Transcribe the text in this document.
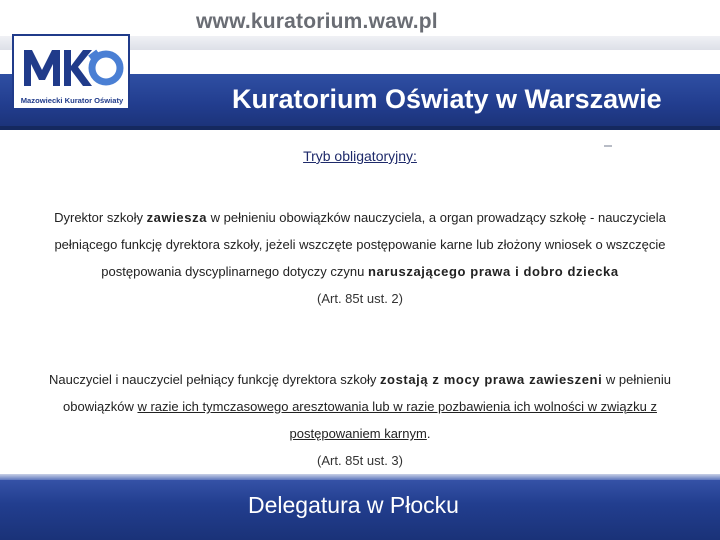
www.kuratorium.waw.pl
Kuratorium Oświaty w Warszawie
Mazowiecki Kurator Oświaty
Tryb obligatoryjny:
Dyrektor szkoły zawiesza w pełnieniu obowiązków nauczyciela, a organ prowadzący szkołę - nauczyciela pełniącego funkcję dyrektora szkoły, jeżeli wszczęte postępowanie karne lub złożony wniosek o wszczęcie postępowania dyscyplinarnego dotyczy czynu naruszającego prawa i dobro dziecka
(Art. 85t ust. 2)
Nauczyciel i nauczyciel pełniący funkcję dyrektora szkoły zostają z mocy prawa zawieszeni w pełnieniu obowiązków w razie ich tymczasowego aresztowania lub w razie pozbawienia ich wolności w związku z postępowaniem karnym.
(Art. 85t ust. 3)
Delegatura w Płocku
